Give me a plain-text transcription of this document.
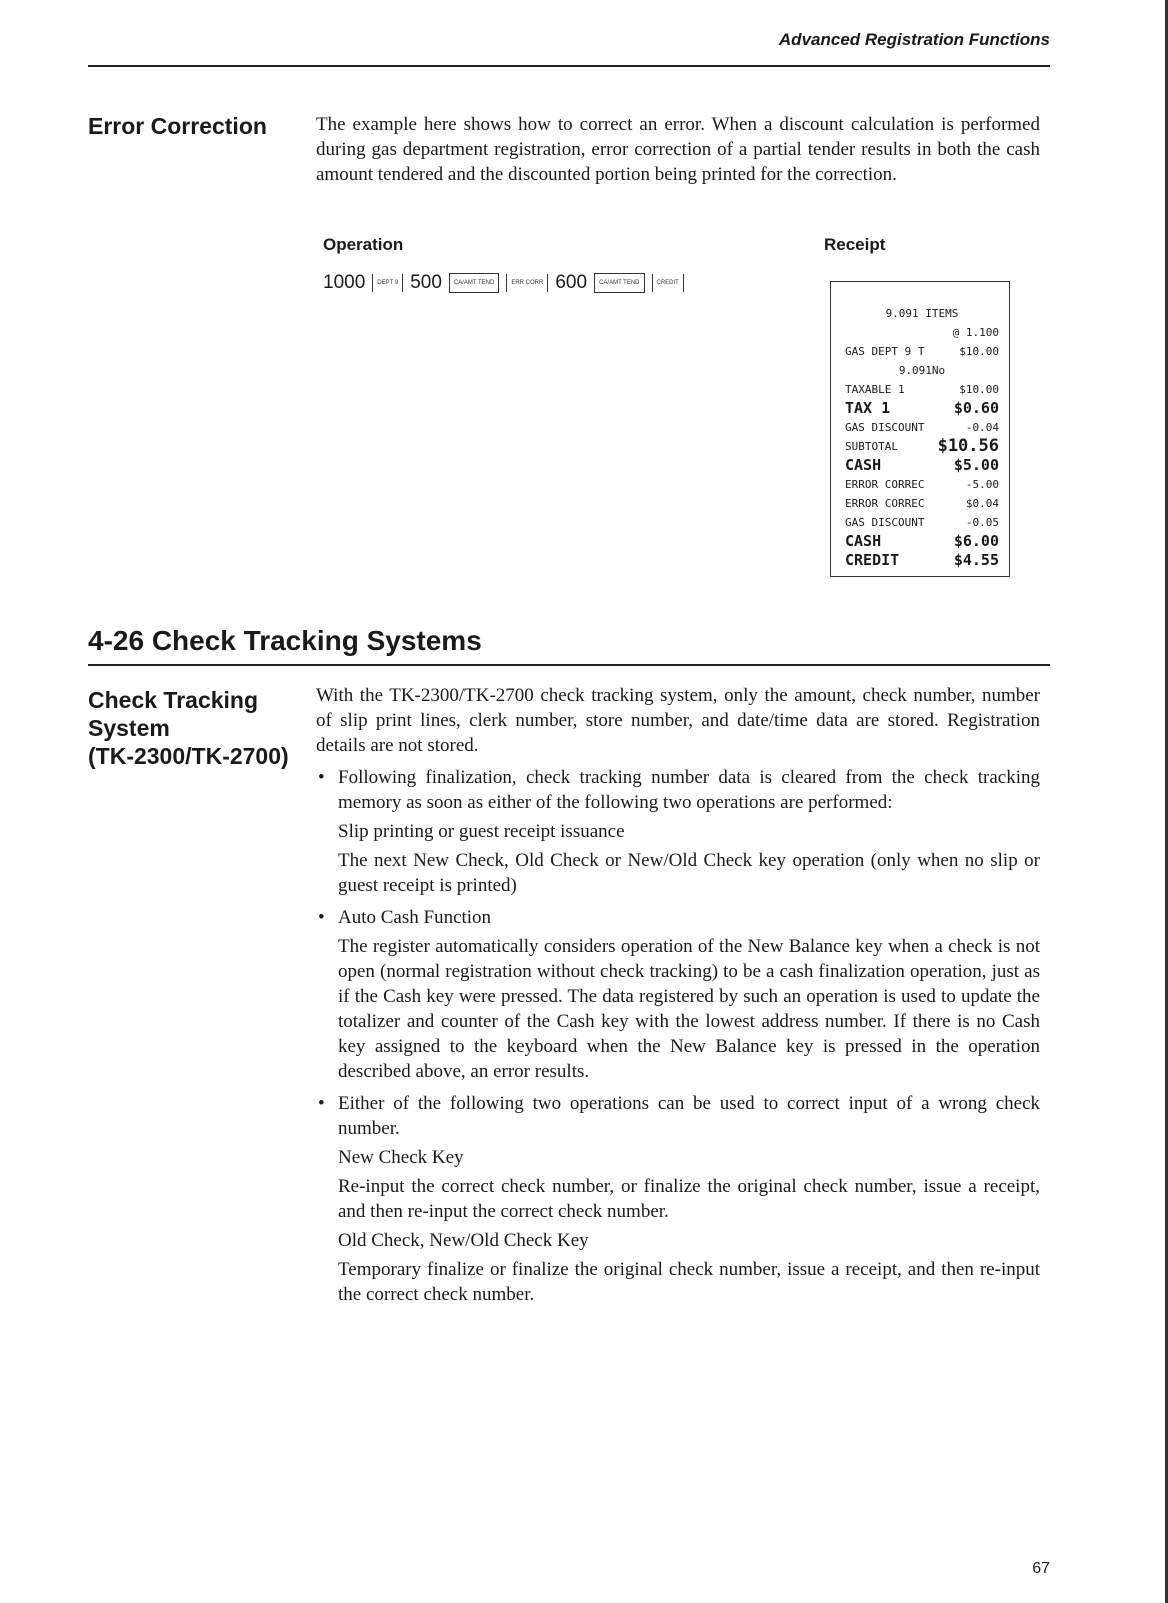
Advanced Registration Functions
Error Correction	The example here shows how to correct an error. When a discount calculation is performed during gas department registration, error correction of a partial tender results in both the cash amount tendered and the discounted portion being printed for the correction.
Operation	Receipt
1000	DEPT 9 500	CA/AMT TEND	ERR CORR 600	CA/AMT TEND	CREDIT
9.091 ITEMS
@ 1.100
GAS DEPT 9 T	$10.00
9.091No
TAXABLE 1	$10.00
TAX 1	$0.60
GAS DISCOUNT	-0.04
SUBTOTAL $10.56
CASH	$5.00
ERROR CORREC	-5.00
ERROR CORREC	$0.04
GAS DISCOUNT	-0.05
CASH	$6.00
CREDIT	$4.55
4-26 Check Tracking Systems
Check Tracking
System
(TK-2300/TK-2700)
With the TK-2300/TK-2700 check tracking system, only the amount, check number, number of slip print lines, clerk number, store number, and date/time data are stored. Registration details are not stored.
• Following finalization, check tracking number data is cleared from the check tracking memory as soon as either of the following two operations are performed:
Slip printing or guest receipt issuance
The next New Check, Old Check or New/Old Check key operation (only when no slip or guest receipt is printed)
• Auto Cash Function
The register automatically considers operation of the New Balance key when a check is not open (normal registration without check tracking) to be a cash finalization operation, just as if the Cash key were pressed. The data registered by such an operation is used to update the totalizer and counter of the Cash key with the lowest address number. If there is no Cash key assigned to the keyboard when the New Balance key is pressed in the operation described above, an error results.
• Either of the following two operations can be used to correct input of a wrong check number.
New Check Key
Re-input the correct check number, or finalize the original check number, issue a receipt, and then re-input the correct check number.
Old Check, New/Old Check Key
Temporary finalize or finalize the original check number, issue a receipt, and then re-input the correct check number.
67
